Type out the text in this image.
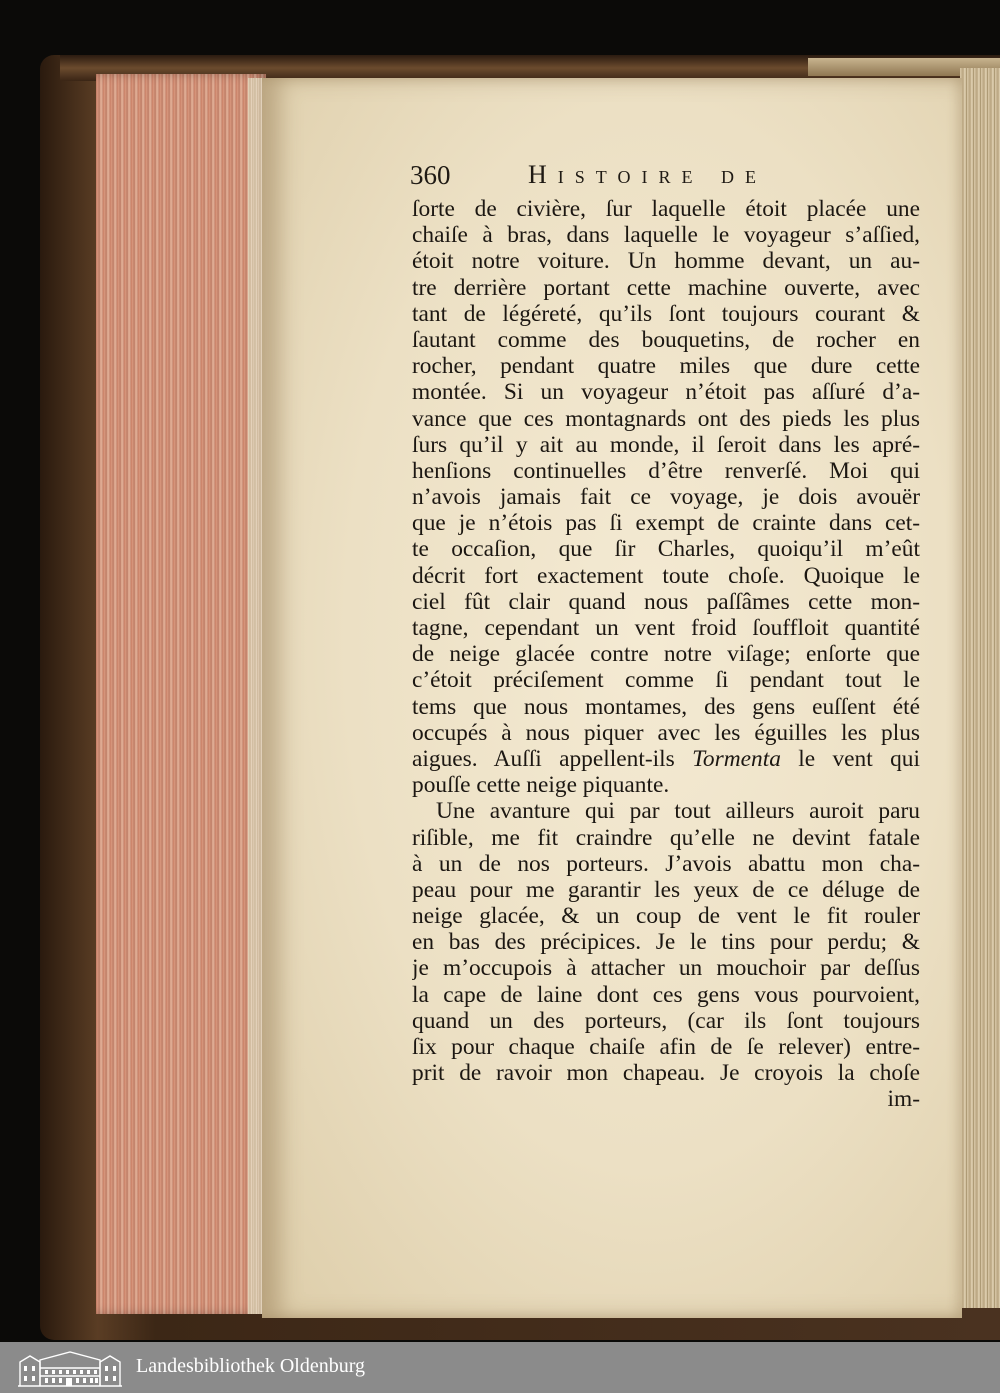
360	Histoire de
ſorte de civière, ſur laquelle étoit placée une
chaiſe à bras, dans laquelle le voyageur s’aſſied,
étoit notre voiture. Un homme devant, un au-
tre derrière portant cette machine ouverte, avec
tant de légéreté, qu’ils ſont toujours courant &
ſautant comme des bouquetins, de rocher en
rocher, pendant quatre miles que dure cette
montée. Si un voyageur n’étoit pas aſſuré d’a-
vance que ces montagnards ont des pieds les plus
ſurs qu’il y ait au monde, il ſeroit dans les apré-
henſions continuelles d’être renverſé. Moi qui
n’avois jamais fait ce voyage, je dois avouër
que je n’étois pas ſi exempt de crainte dans cet-
te occaſion, que ſir Charles, quoiqu’il m’eût
décrit fort exactement toute choſe. Quoique le
ciel fût clair quand nous paſſâmes cette mon-
tagne, cependant un vent froid ſouffloit quantité
de neige glacée contre notre viſage; enſorte que
c’étoit préciſement comme ſi pendant tout le
tems que nous montames, des gens euſſent été
occupés à nous piquer avec les éguilles les plus
aigues. Auſſi appellent-ils Tormenta le vent qui
pouſſe cette neige piquante.
Une avanture qui par tout ailleurs auroit paru
riſible, me fit craindre qu’elle ne devint fatale
à un de nos porteurs. J’avois abattu mon cha-
peau pour me garantir les yeux de ce déluge de
neige glacée, & un coup de vent le fit rouler
en bas des précipices. Je le tins pour perdu; &
je m’occupois à attacher un mouchoir par deſſus
la cape de laine dont ces gens vous pourvoient,
quand un des porteurs, (car ils ſont toujours
ſix pour chaque chaiſe afin de ſe relever) entre-
prit de ravoir mon chapeau. Je croyois la choſe
im-
Landesbibliothek Oldenburg
